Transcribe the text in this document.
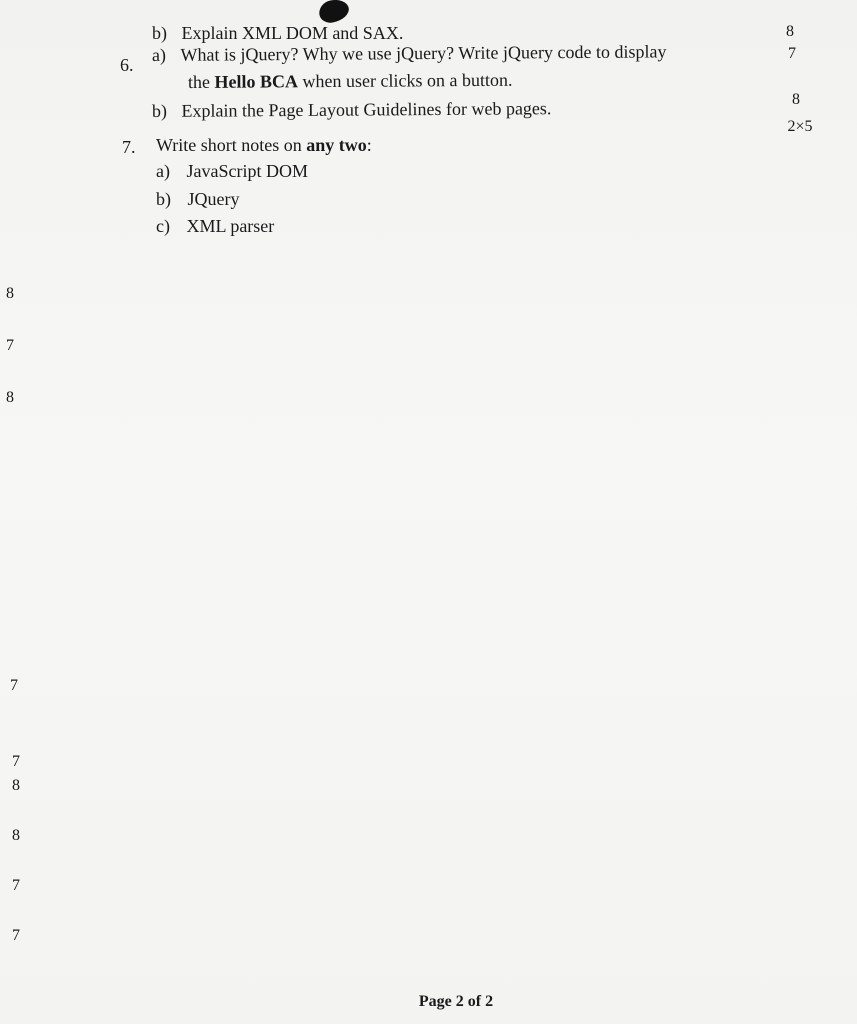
b) Explain XML DOM and SAX.	8
6.
a) What is jQuery? Why we use jQuery? Write jQuery code to display	7
the Hello BCA when user clicks on a button.
b) Explain the Page Layout Guidelines for web pages.	8
7. Write short notes on any two:
2×5
a) JavaScript DOM
b) JQuery
c) XML parser
8
7
8
7
7
8
8
7
7
Page 2 of 2
